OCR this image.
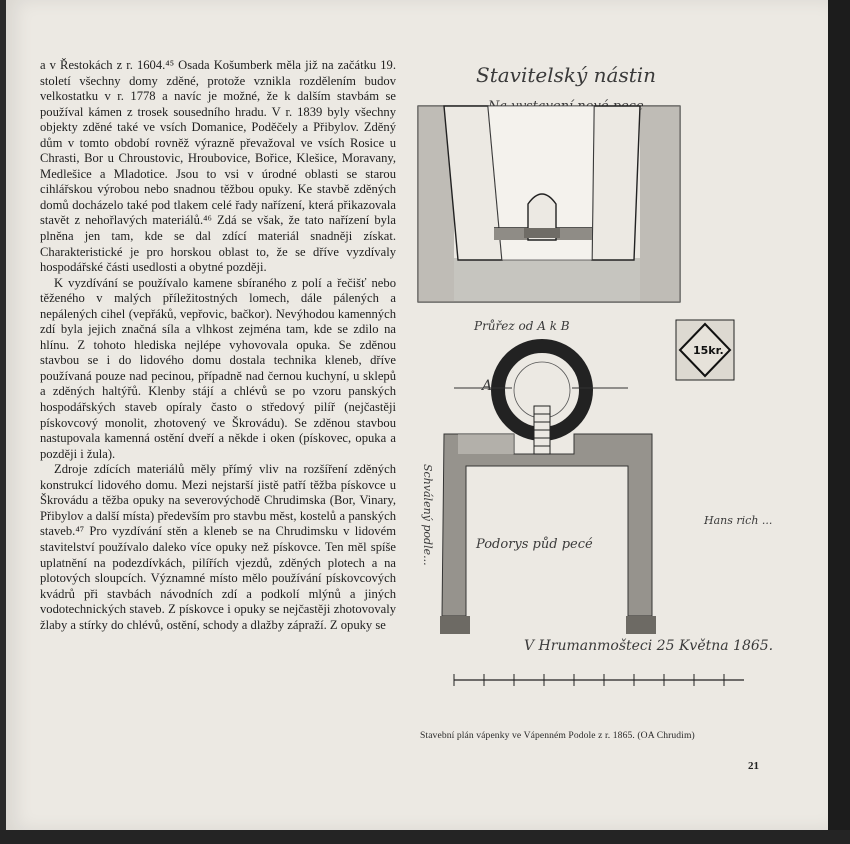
a v Řestokách z r. 1604.⁴⁵ Osada Košumberk měla již na začátku 19. století všechny domy zděné, protože vznikla rozdělením budov velkostatku v r. 1778 a navíc je možné, že k dalším stavbám se používal kámen z trosek sousedního hradu. V r. 1839 byly všechny objekty zděné také ve vsích Domanice, Poděčely a Přibylov. Zděný dům v tomto období rovněž výrazně převažoval ve vsích Rosice u Chrasti, Bor u Chroustovic, Hroubovice, Bořice, Klešice, Moravany, Medlešice a Mladotice. Jsou to vsi v úrodné oblasti se starou cihlářskou výrobou nebo snadnou těžbou opuky. Ke stavbě zděných domů docházelo také pod tlakem celé řady nařízení, která přikazovala stavět z nehořlavých materiálů.⁴⁶ Zdá se však, že tato nařízení byla plněna jen tam, kde se dal zdící materiál snadněji získat. Charakteristické je pro horskou oblast to, že se dříve vyzdívaly hospodářské části usedlosti a obytné později.

K vyzdívání se používalo kamene sbíraného z polí a řečišť nebo těženého v malých příležitostných lomech, dále pálených a nepálených cihel (vepřáků, vepřovic, bačkor). Nevýhodou kamenných zdí byla jejich značná síla a vlhkost zejména tam, kde se zdilo na hlínu. Z tohoto hlediska nejlépe vyhovovala opuka. Se zděnou stavbou se i do lidového domu dostala technika kleneb, dříve používaná pouze nad pecinou, případně nad černou kuchyní, u sklepů a zděných haltýřů. Klenby stájí a chlévů se po vzoru panských hospodářských staveb opíraly často o středový pilíř (nejčastěji pískovcový monolit, zhotovený ve Škrovádu). Se zděnou stavbou nastupovala kamenná ostění dveří a někde i oken (pískovec, opuka a později i žula).

Zdroje zdících materiálů měly přímý vliv na rozšíření zděných konstrukcí lidového domu. Mezi nejstarší jistě patří těžba pískovce u Škrovádu a těžba opuky na severovýchodě Chrudimska (Bor, Vinary, Přibylov a další místa) především pro stavbu měst, kostelů a panských staveb.⁴⁷ Pro vyzdívání stěn a kleneb se na Chrudimsku v lidovém stavitelství používalo daleko více opuky než pískovce. Ten měl spíše uplatnění na podezdívkách, pilířích vjezdů, zděných plotech a na plotových sloupcích. Významné místo mělo používání pískovcových kvádrů při stavbách návodních zdí a podkolí mlýnů a jiných vodotechnických staveb. Z pískovce i opuky se nejčastěji zhotovovaly žlaby a stírky do chlévů, ostění, schody a dlažby zápraží. Z opuky se

Stavitelský nástin
Průřez od A k B
15kr.
A
Podorys půd pecé
Schválený podle...	Hans rich ...
V Hrumanmošteci 25 Května 1865.
Stavební plán vápenky ve Vápenném Podole z r. 1865. (OA Chrudim)
21
